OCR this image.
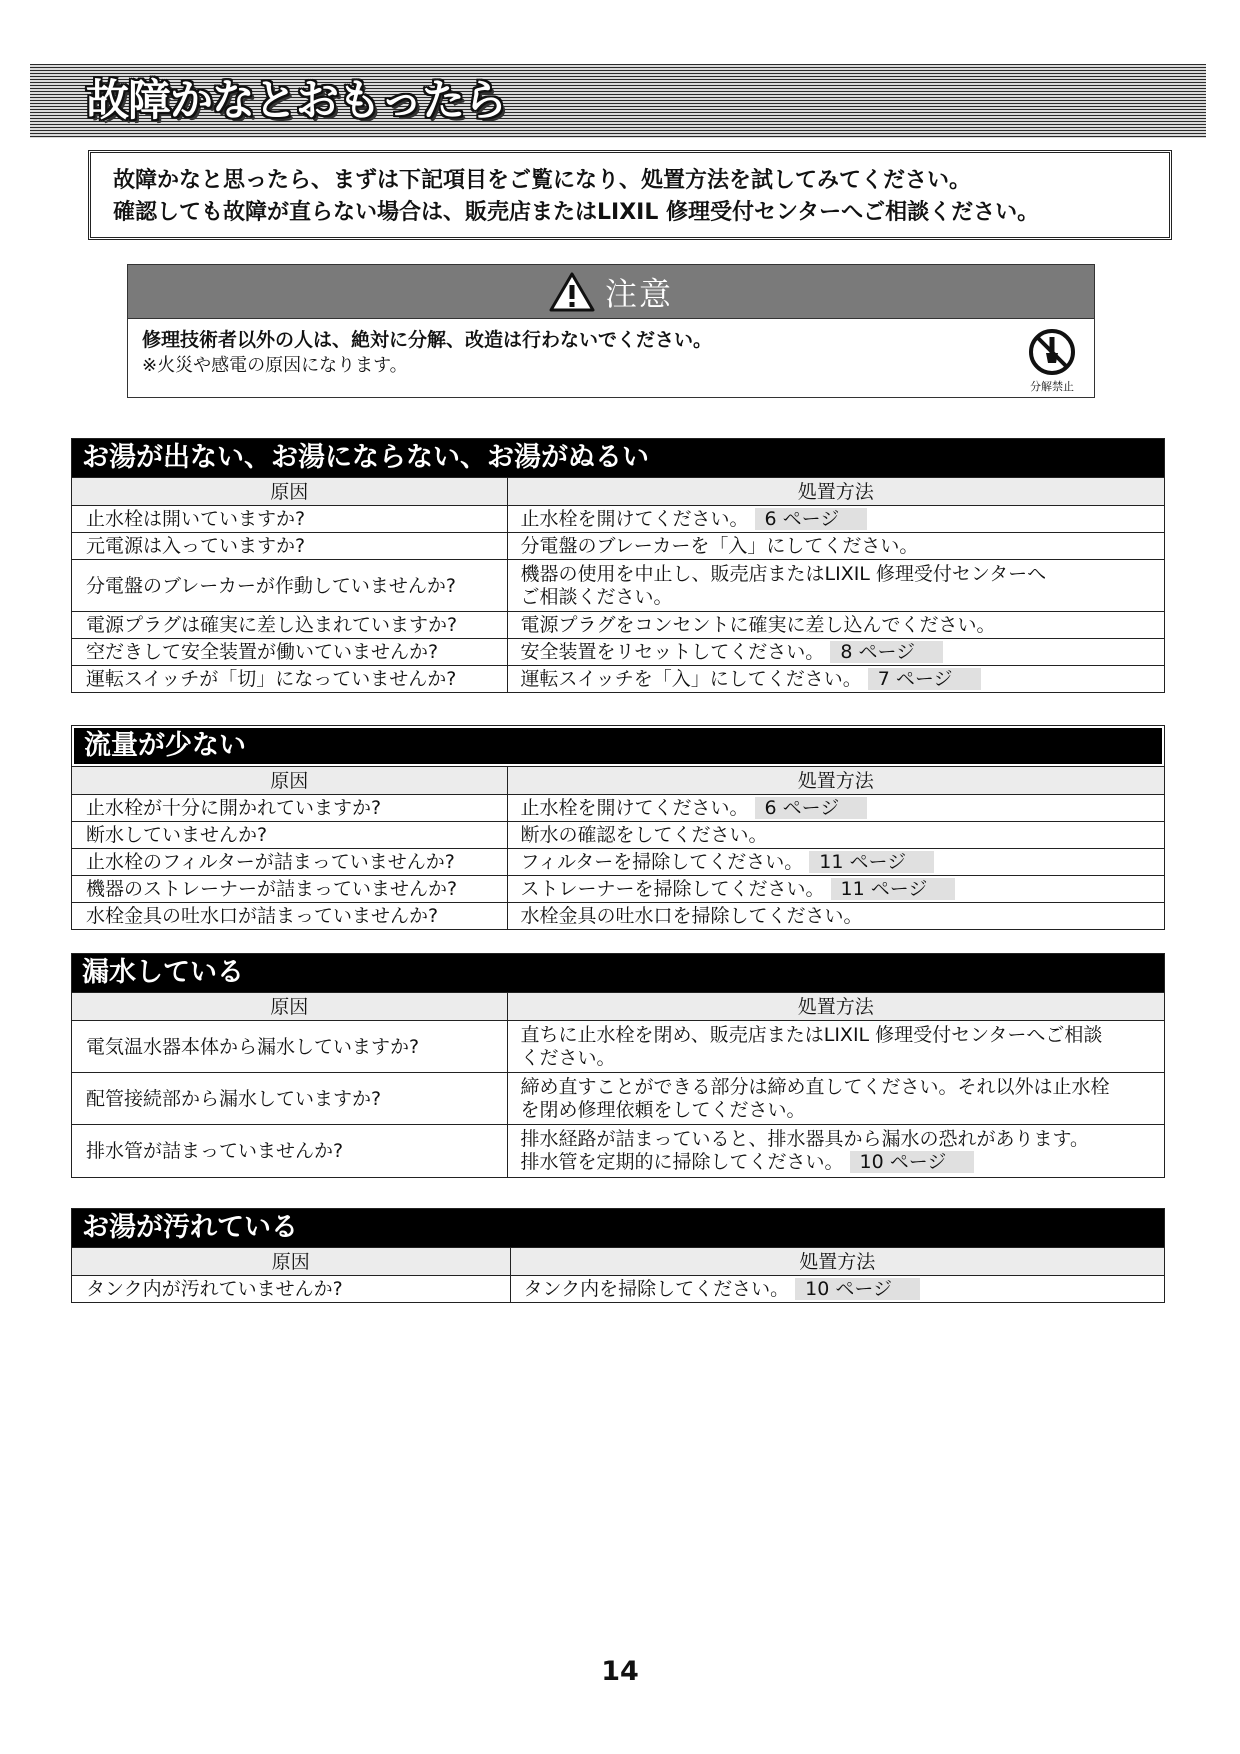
故障かなとおもったら

故障かなと思ったら、まずは下記項目をご覧になり、処置方法を試してみてください。

確認しても故障が直らない場合は、販売店またはLIXIL 修理受付センターへご相談ください。

注意
修理技術者以外の人は、絶対に分解、改造は行わないでください。
※火災や感電の原因になります。
分解禁止
お湯が出ない、お湯にならない、お湯がぬるい
原因	処置方法
止水栓は開いていますか?	止水栓を開けてください。 6 ページ

元電源は入っていますか?	分電盤のブレーカーを「入」にしてください。

分電盤のブレーカーが作動していませんか?	機器の使用を中止し、販売店またはLIXIL 修理受付センターへ
ご相談ください。

電源プラグは確実に差し込まれていますか?	電源プラグをコンセントに確実に差し込んでください。

空だきして安全装置が働いていませんか?	安全装置をリセットしてください。 8 ページ

運転スイッチが「切」になっていませんか?	運転スイッチを「入」にしてください。 7 ページ
流量が少ない
原因	処置方法
止水栓が十分に開かれていますか?	止水栓を開けてください。 6 ページ

断水していませんか?	断水の確認をしてください。

止水栓のフィルターが詰まっていませんか?	フィルターを掃除してください。 11 ページ

機器のストレーナーが詰まっていませんか?	ストレーナーを掃除してください。 11 ページ

水栓金具の吐水口が詰まっていませんか?	水栓金具の吐水口を掃除してください。
漏水している
原因	処置方法
電気温水器本体から漏水していますか?	直ちに止水栓を閉め、販売店またはLIXIL 修理受付センターへご相談
ください。

配管接続部から漏水していますか?	締め直すことができる部分は締め直してください。それ以外は止水栓
を閉め修理依頼をしてください。

排水管が詰まっていませんか?	排水経路が詰まっていると、排水器具から漏水の恐れがあります。
排水管を定期的に掃除してください。 10 ページ
お湯が汚れている
原因	処置方法
タンク内が汚れていませんか?	タンク内を掃除してください。 10 ページ
14
